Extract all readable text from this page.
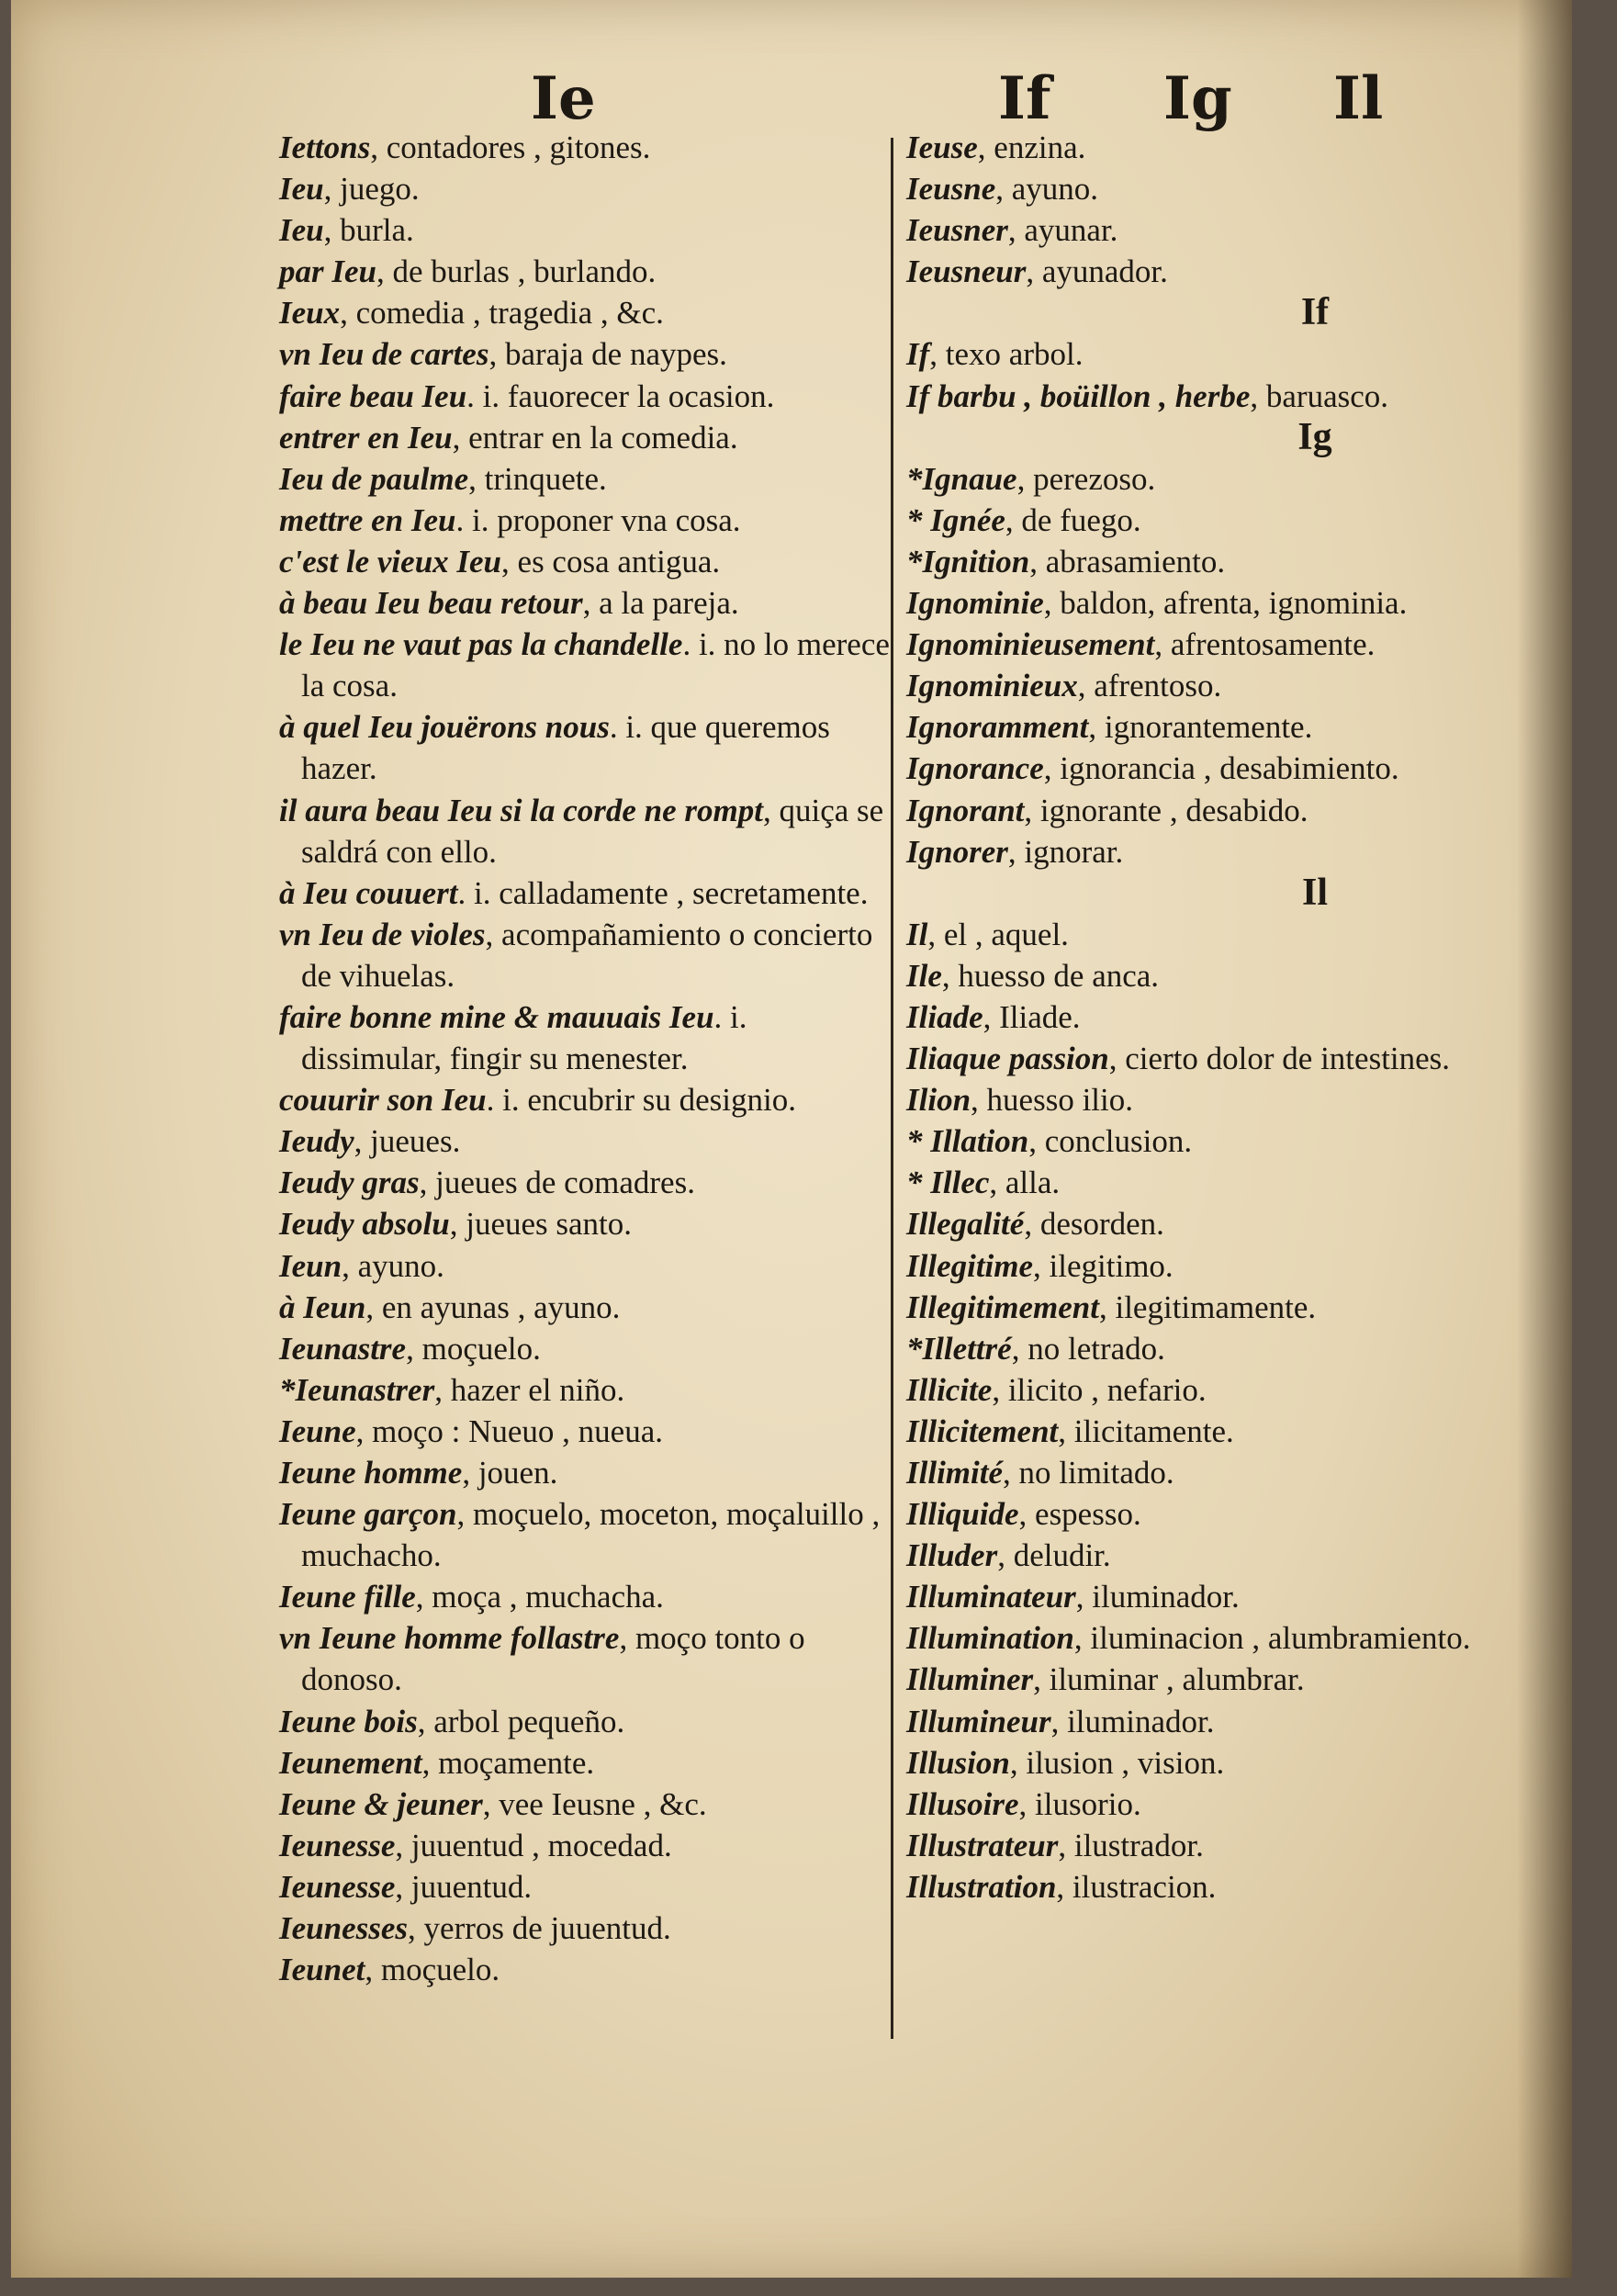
Ie	If Ig Il
Iettons, contadores , gitones.
Ieu, juego.
Ieu, burla.
par Ieu, de burlas , burlando.
Ieux, comedia , tragedia , &c.
vn Ieu de cartes, baraja de naypes.
faire beau Ieu. i. fauorecer la ocasion.
entrer en Ieu, entrar en la comedia.
Ieu de paulme, trinquete.
mettre en Ieu. i. proponer vna cosa.
c'est le vieux Ieu, es cosa antigua.
à beau Ieu beau retour, a la pareja.
le Ieu ne vaut pas la chandelle. i. no lo merece la cosa.
à quel Ieu jouërons nous. i. que queremos hazer.
il aura beau Ieu si la corde ne rompt, quiça se saldrá con ello.
à Ieu couuert. i. calladamente , secretamente.
vn Ieu de violes, acompañamiento o concierto de vihuelas.
faire bonne mine & mauuais Ieu. i. dissimular, fingir su menester.
couurir son Ieu. i. encubrir su designio.
Ieudy, jueues.
Ieudy gras, jueues de comadres.
Ieudy absolu, jueues santo.
Ieun, ayuno.
à Ieun, en ayunas , ayuno.
Ieunastre, moçuelo.
*Ieunastrer, hazer el niño.
Ieune, moço : Nueuo , nueua.
Ieune homme, jouen.
Ieune garçon, moçuelo, moceton, moçaluillo , muchacho.
Ieune fille, moça , muchacha.
vn Ieune homme follastre, moço tonto o donoso.
Ieune bois, arbol pequeño.
Ieunement, moçamente.
Ieune & jeuner, vee Ieusne , &c.
Ieunesse, juuentud , mocedad.
Ieunesse, juuentud.
Ieunesses, yerros de juuentud.
Ieunet, moçuelo.
Ieuse, enzina.
Ieusne, ayuno.
Ieusner, ayunar.
Ieusneur, ayunador.
If
If, texo arbol.
If barbu , boüillon , herbe, baruasco.
Ig
*Ignaue, perezoso.
* Ignée, de fuego.
*Ignition, abrasamiento.
Ignominie, baldon, afrenta, ignominia.
Ignominieusement, afrentosamente.
Ignominieux, afrentoso.
Ignoramment, ignorantemente.
Ignorance, ignorancia , desabimiento.
Ignorant, ignorante , desabido.
Ignorer, ignorar.
Il
Il, el , aquel.
Ile, huesso de anca.
Iliade, Iliade.
Iliaque passion, cierto dolor de intestines.
Ilion, huesso ilio.
* Illation, conclusion.
* Illec, alla.
Illegalité, desorden.
Illegitime, ilegitimo.
Illegitimement, ilegitimamente.
*Illettré, no letrado.
Illicite, ilicito , nefario.
Illicitement, ilicitamente.
Illimité, no limitado.
Illiquide, espesso.
Illuder, deludir.
Illuminateur, iluminador.
Illumination, iluminacion , alumbramiento.
Illuminer, iluminar , alumbrar.
Illumineur, iluminador.
Illusion, ilusion , vision.
Illusoire, ilusorio.
Illustrateur, ilustrador.
Illustration, ilustracion.
